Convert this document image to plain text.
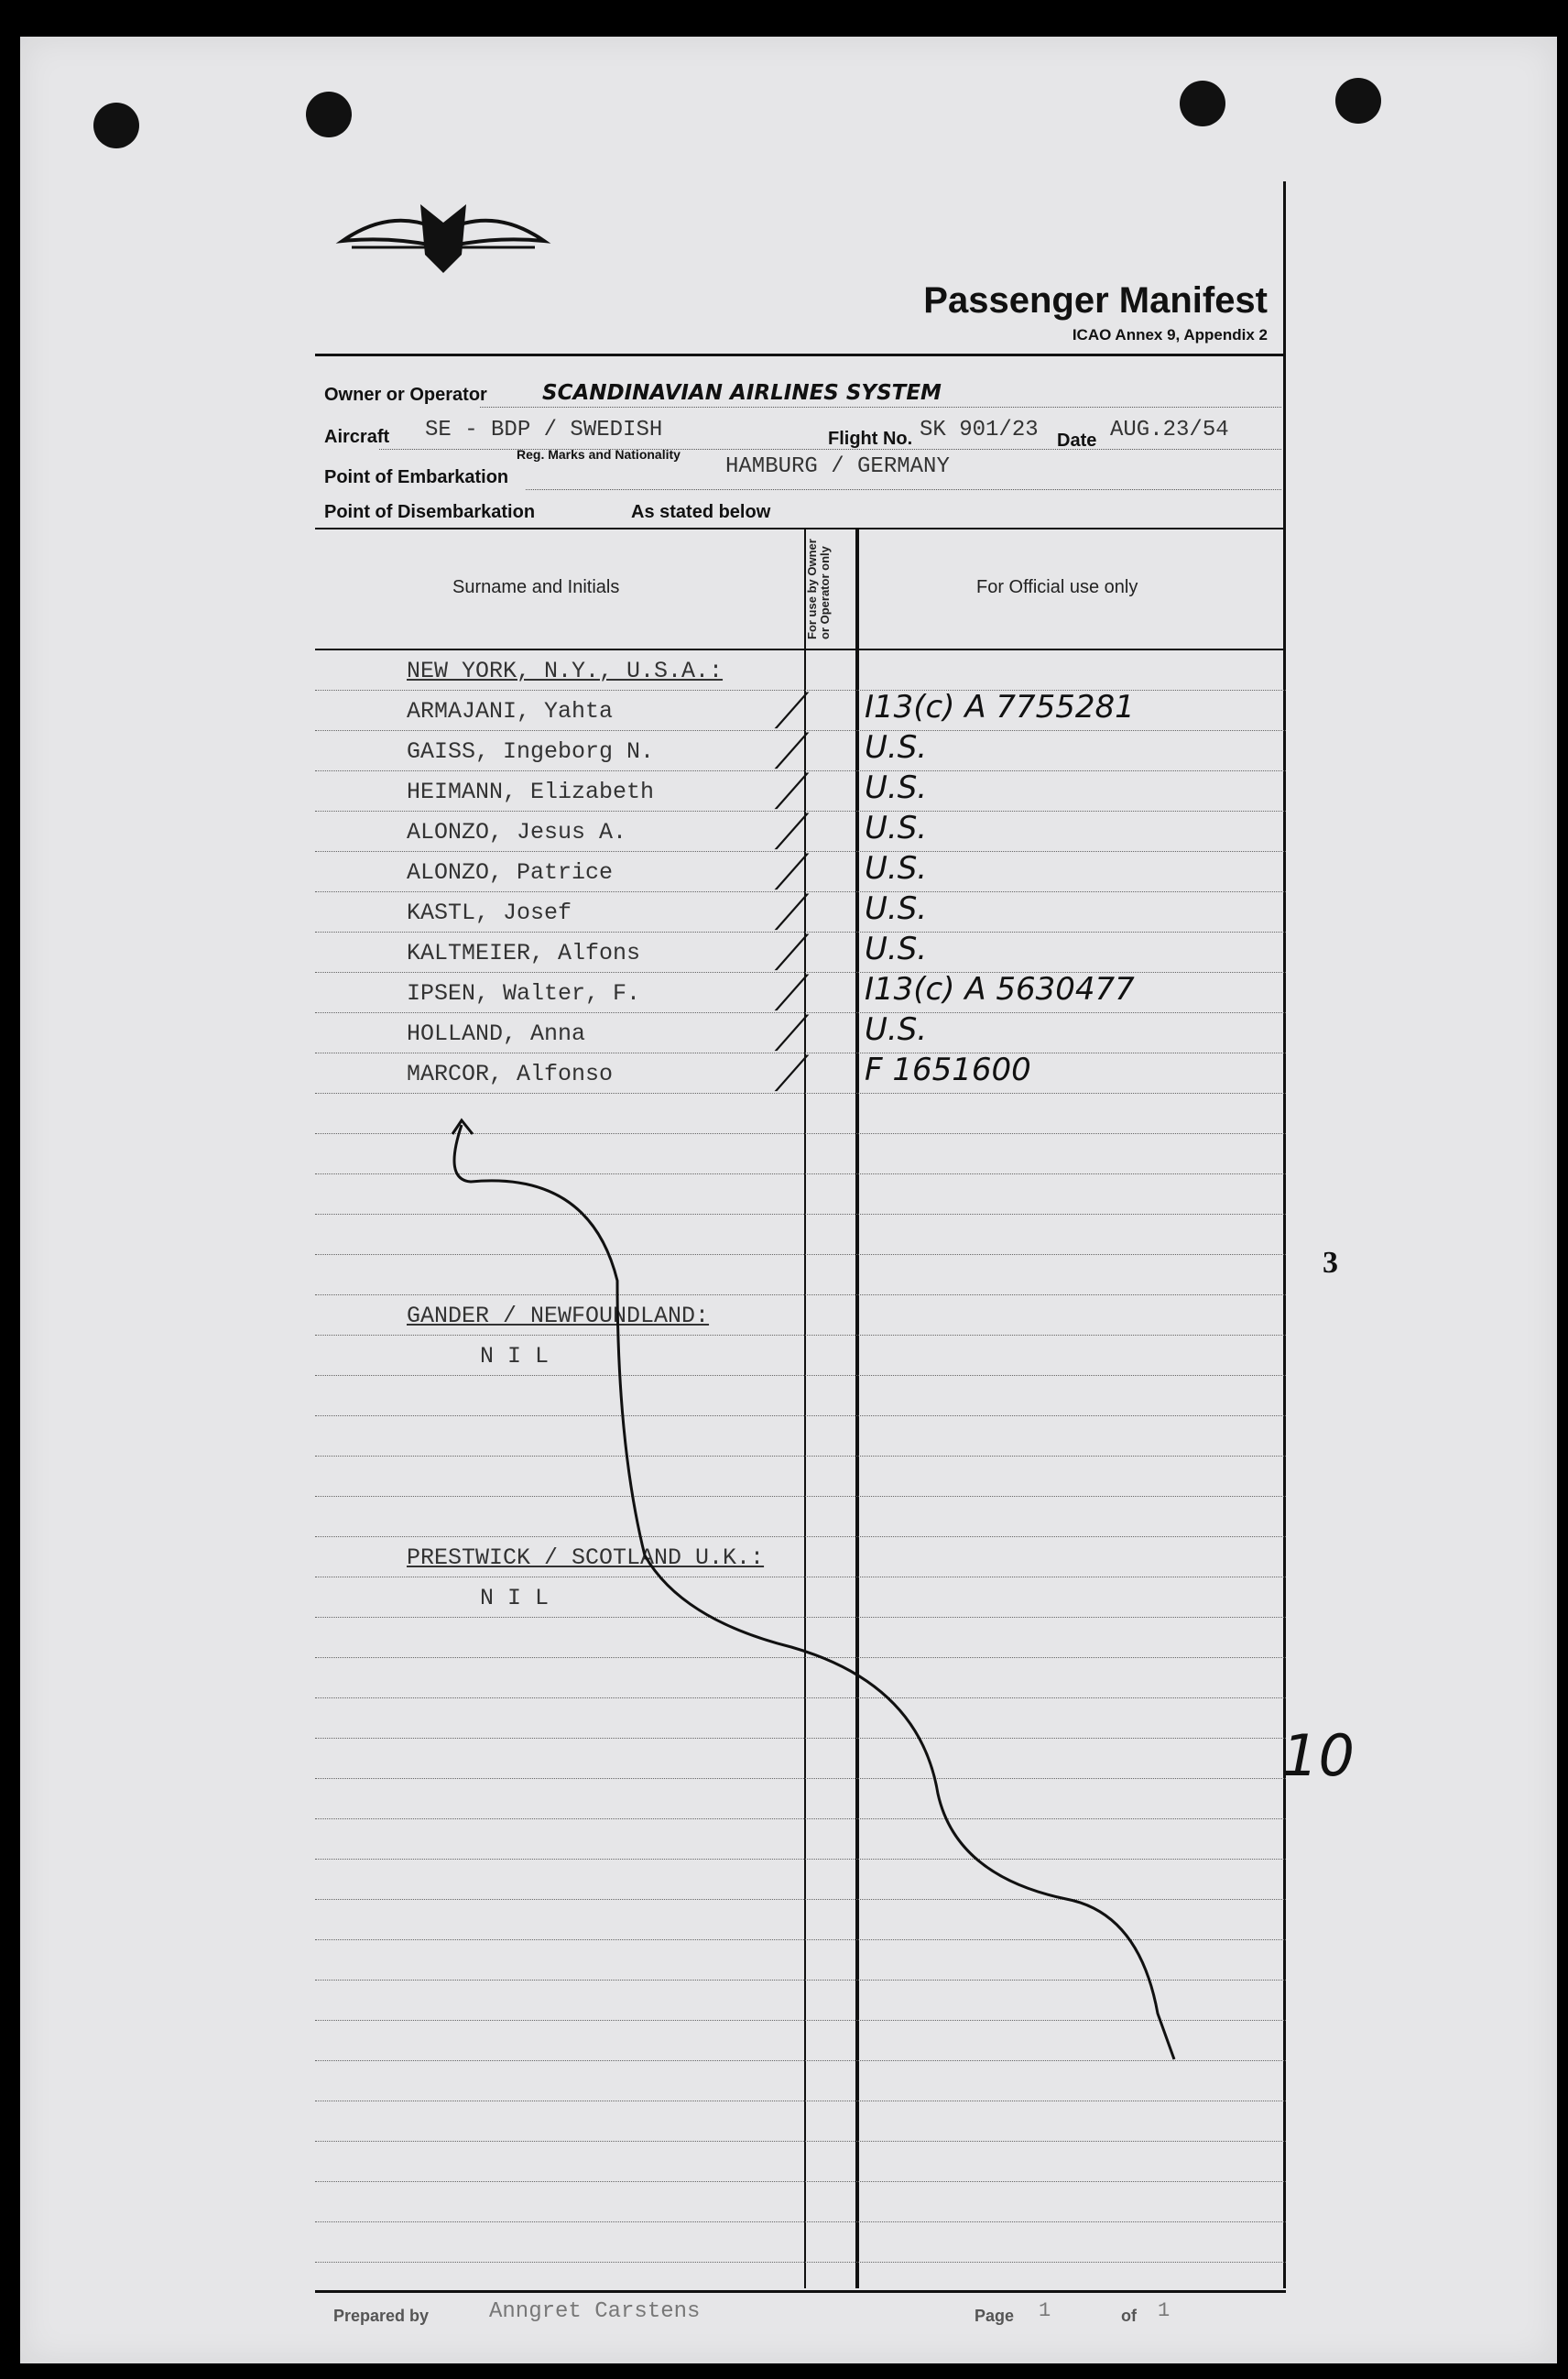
3
10
Passenger Manifest
ICAO Annex 9, Appendix 2
Owner or Operator	SCANDINAVIAN AIRLINES SYSTEM
Aircraft SE - BDP / SWEDISH
Reg. Marks and Nationality
Flight No. SK 901/23 Date AUG.23/54
Point of Embarkation	HAMBURG / GERMANY
Point of Disembarkation	As stated below
Surname and Initials	For use by Owner or Operator only	For Official use only
NEW YORK, N.Y., U.S.A.:
ARMAJANI, Yahta	╱ I13(c) A 7755281
GAISS, Ingeborg N.	╱ U.S.
HEIMANN, Elizabeth	╱ U.S.
ALONZO, Jesus A.	╱ U.S.
ALONZO, Patrice	╱ U.S.
KASTL, Josef	╱ U.S.
KALTMEIER, Alfons	╱ U.S.
IPSEN, Walter, F.	╱ I13(c) A 5630477
HOLLAND, Anna	╱ U.S.
MARCOR, Alfonso	╱ F 1651600
GANDER / NEWFOUNDLAND:
N I L
PRESTWICK / SCOTLAND U.K.:
N I L
Prepared by	Anngret Carstens	Page 1	of 1
